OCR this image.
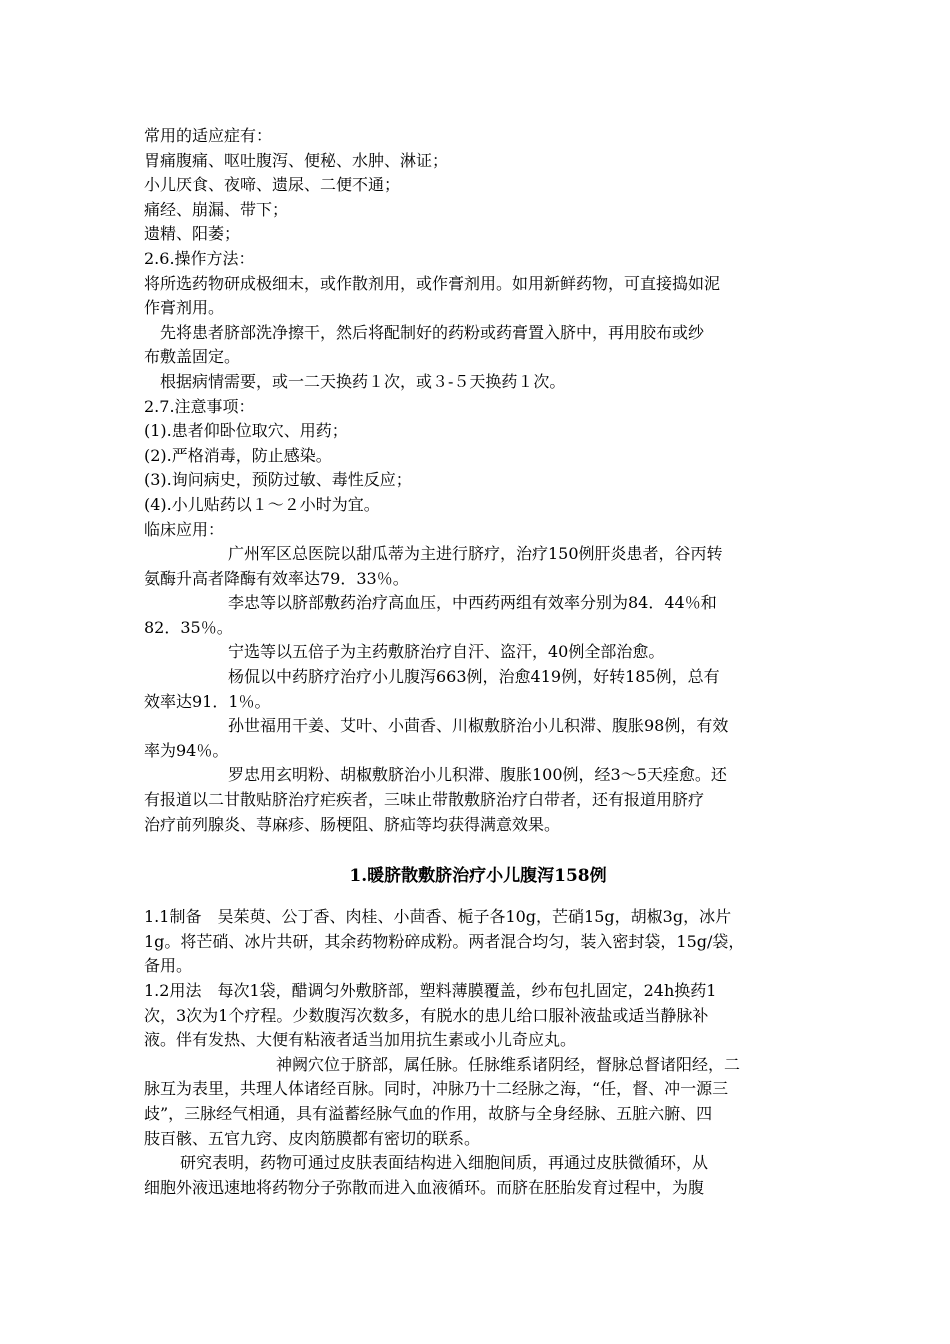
常用的适应症有：

胃痛腹痛、呕吐腹泻、便秘、水肿、淋证；

小儿厌食、夜啼、遗尿、二便不通；

痛经、崩漏、带下；

遗精、阳萎；

2.6.操作方法：

将所选药物研成极细末，或作散剂用，或作膏剂用。如用新鲜药物，可直接捣如泥

作膏剂用。

先将患者脐部洗净擦干，然后将配制好的药粉或药膏置入脐中，再用胶布或纱

布敷盖固定。

根据病情需要，或一二天换药１次，或３-５天换药１次。

2.7.注意事项：

(1).患者仰卧位取穴、用药；

(2).严格消毒，防止感染。

(3).询问病史，预防过敏、毒性反应；

(4).小儿贴药以１～２小时为宜。

临床应用：

广州军区总医院以甜瓜蒂为主进行脐疗，治疗150例肝炎患者，谷丙转

氨酶升高者降酶有效率达79．33％。

李忠等以脐部敷药治疗高血压，中西药两组有效率分别为84．44％和

82．35％。

宁选等以五倍子为主药敷脐治疗自汗、盗汗，40例全部治愈。

杨侃以中药脐疗治疗小儿腹泻663例，治愈419例，好转185例，总有

效率达91．1％。

孙世福用干姜、艾叶、小茴香、川椒敷脐治小儿积滞、腹胀98例，有效

率为94％。

罗忠用玄明粉、胡椒敷脐治小儿积滞、腹胀100例，经3～5天痊愈。还

有报道以二甘散贴脐治疗疟疾者，三味止带散敷脐治疗白带者，还有报道用脐疗

治疗前列腺炎、荨麻疹、肠梗阻、脐疝等均获得满意效果。

1.暖脐散敷脐治疗小儿腹泻158例

1.1制备　吴茱萸、公丁香、肉桂、小茴香、栀子各10g，芒硝15g，胡椒3g，冰片

1g。将芒硝、冰片共研，其余药物粉碎成粉。两者混合均匀，装入密封袋，15g/袋，

备用。

1.2用法　每次1袋，醋调匀外敷脐部，塑料薄膜覆盖，纱布包扎固定，24h换药1

次，3次为1个疗程。少数腹泻次数多，有脱水的患儿给口服补液盐或适当静脉补

液。伴有发热、大便有粘液者适当加用抗生素或小儿奇应丸。

神阙穴位于脐部，属任脉。任脉维系诸阴经，督脉总督诸阳经，二

脉互为表里，共理人体诸经百脉。同时，冲脉乃十二经脉之海，“任，督、冲一源三

歧”，三脉经气相通，具有溢蓄经脉气血的作用，故脐与全身经脉、五脏六腑、四

肢百骸、五官九窍、皮肉筋膜都有密切的联系。

研究表明，药物可通过皮肤表面结构进入细胞间质，再通过皮肤微循环，从

细胞外液迅速地将药物分子弥散而进入血液循环。而脐在胚胎发育过程中，为腹
